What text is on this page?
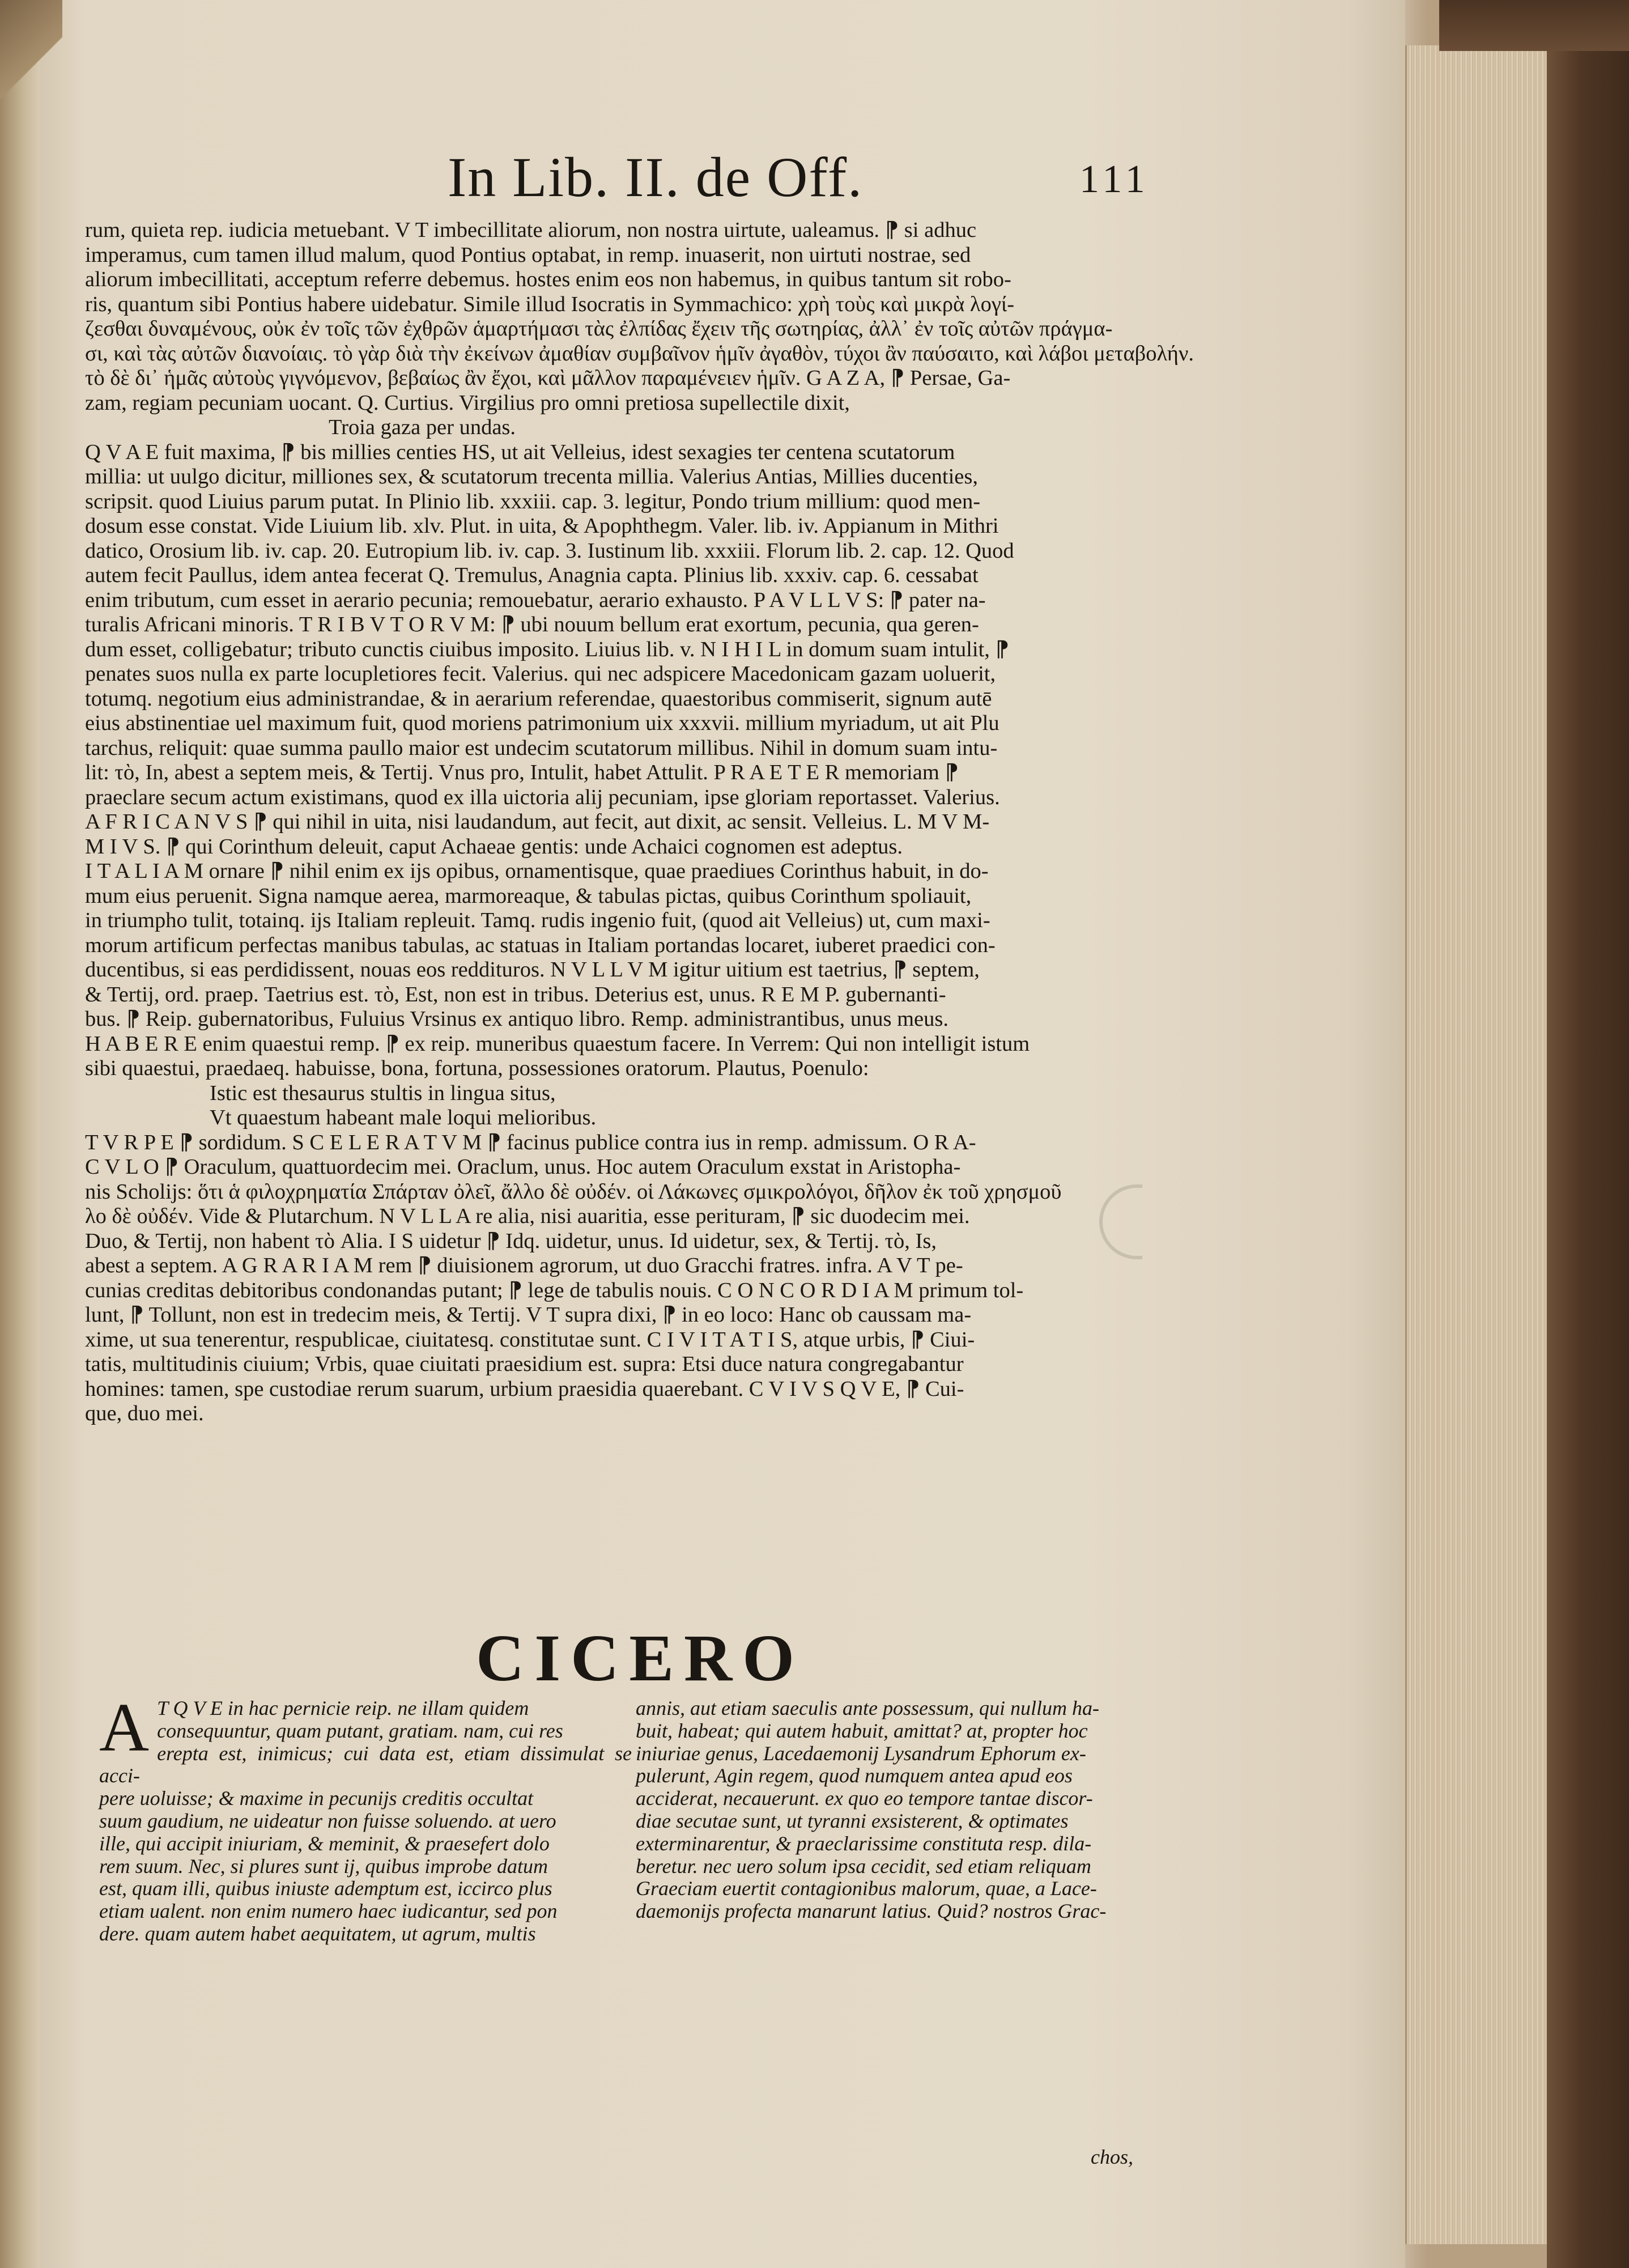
In Lib. II. de Off.	111
rum, quieta rep. iudicia metuebant. V T imbecillitate aliorum, non nostra uirtute, ualeamus. ⁋ si adhuc
imperamus, cum tamen illud malum, quod Pontius optabat, in remp. inuaserit, non uirtuti nostrae, sed
aliorum imbecillitati, acceptum referre debemus. hostes enim eos non habemus, in quibus tantum sit robo-
ris, quantum sibi Pontius habere uidebatur. Simile illud Isocratis in Symmachico: χρὴ τοὺς καὶ μικρὰ λογί-
ζεσθαι δυναμένους, οὐκ ἐν τοῖς τῶν ἐχθρῶν ἁμαρτήμασι τὰς ἐλπίδας ἔχειν τῆς σωτηρίας, ἀλλ᾽ ἐν τοῖς αὐτῶν πράγμα-
σι, καὶ τὰς αὐτῶν διανοίαις. τὸ γὰρ διὰ τὴν ἐκείνων ἀμαθίαν συμβαῖνον ἡμῖν ἀγαθὸν, τύχοι ἂν παύσαιτο, καὶ λάβοι μεταβολήν.
τὸ δὲ δι᾽ ἡμᾶς αὐτοὺς γιγνόμενον, βεβαίως ἂν ἔχοι, καὶ μᾶλλον παραμένειεν ἡμῖν. G A Z A, ⁋ Persae, Ga-
zam, regiam pecuniam uocant. Q. Curtius. Virgilius pro omni pretiosa supellectile dixit,
Troia gaza per undas.
Q V A E fuit maxima, ⁋ bis millies centies HS, ut ait Velleius, idest sexagies ter centena scutatorum
millia: ut uulgo dicitur, milliones sex, & scutatorum trecenta millia. Valerius Antias, Millies ducenties,
scripsit. quod Liuius parum putat. In Plinio lib. xxxiii. cap. 3. legitur, Pondo trium millium: quod men-
dosum esse constat. Vide Liuium lib. xlv. Plut. in uita, & Apophthegm. Valer. lib. iv. Appianum in Mithri
datico, Orosium lib. iv. cap. 20. Eutropium lib. iv. cap. 3. Iustinum lib. xxxiii. Florum lib. 2. cap. 12. Quod
autem fecit Paullus, idem antea fecerat Q. Tremulus, Anagnia capta. Plinius lib. xxxiv. cap. 6. cessabat
enim tributum, cum esset in aerario pecunia; remouebatur, aerario exhausto. P A V L L V S: ⁋ pater na-
turalis Africani minoris. T R I B V T O R V M: ⁋ ubi nouum bellum erat exortum, pecunia, qua geren-
dum esset, colligebatur; tributo cunctis ciuibus imposito. Liuius lib. v. N I H I L in domum suam intulit, ⁋
penates suos nulla ex parte locupletiores fecit. Valerius. qui nec adspicere Macedonicam gazam uoluerit,
totumq. negotium eius administrandae, & in aerarium referendae, quaestoribus commiserit, signum autē
eius abstinentiae uel maximum fuit, quod moriens patrimonium uix xxxvii. millium myriadum, ut ait Plu
tarchus, reliquit: quae summa paullo maior est undecim scutatorum millibus. Nihil in domum suam intu-
lit: τὸ, In, abest a septem meis, & Tertij. Vnus pro, Intulit, habet Attulit. P R A E T E R memoriam ⁋
praeclare secum actum existimans, quod ex illa uictoria alij pecuniam, ipse gloriam reportasset. Valerius.
A F R I C A N V S ⁋ qui nihil in uita, nisi laudandum, aut fecit, aut dixit, ac sensit. Velleius. L. M V M-
M I V S. ⁋ qui Corinthum deleuit, caput Achaeae gentis: unde Achaici cognomen est adeptus.
I T A L I A M ornare ⁋ nihil enim ex ijs opibus, ornamentisque, quae praediues Corinthus habuit, in do-
mum eius peruenit. Signa namque aerea, marmoreaque, & tabulas pictas, quibus Corinthum spoliauit,
in triumpho tulit, totainq. ijs Italiam repleuit. Tamq. rudis ingenio fuit, (quod ait Velleius) ut, cum maxi-
morum artificum perfectas manibus tabulas, ac statuas in Italiam portandas locaret, iuberet praedici con-
ducentibus, si eas perdidissent, nouas eos reddituros. N V L L V M igitur uitium est taetrius, ⁋ septem,
& Tertij, ord. praep. Taetrius est. τὸ, Est, non est in tribus. Deterius est, unus. R E M P. gubernanti-
bus. ⁋ Reip. gubernatoribus, Fuluius Vrsinus ex antiquo libro. Remp. administrantibus, unus meus.
H A B E R E enim quaestui remp. ⁋ ex reip. muneribus quaestum facere. In Verrem: Qui non intelligit istum
sibi quaestui, praedaeq. habuisse, bona, fortuna, possessiones oratorum. Plautus, Poenulo:
Istic est thesaurus stultis in lingua situs,
Vt quaestum habeant male loqui melioribus.
T V R P E ⁋ sordidum. S C E L E R A T V M ⁋ facinus publice contra ius in remp. admissum. O R A-
C V L O ⁋ Oraculum, quattuordecim mei. Oraclum, unus. Hoc autem Oraculum exstat in Aristopha-
nis Scholijs: ὅτι ἁ φιλοχρηματία Σπάρταν ὀλεῖ, ἄλλο δὲ οὐδέν. οἱ Λάκωνες σμικρολόγοι, δῆλον ἐκ τοῦ χρησμοῦ
λο δὲ οὐδέν. Vide & Plutarchum. N V L L A re alia, nisi auaritia, esse perituram, ⁋ sic duodecim mei.
Duo, & Tertij, non habent τὸ Alia. I S uidetur ⁋ Idq. uidetur, unus. Id uidetur, sex, & Tertij. τὸ, Is,
abest a septem. A G R A R I A M rem ⁋ diuisionem agrorum, ut duo Gracchi fratres. infra. A V T pe-
cunias creditas debitoribus condonandas putant; ⁋ lege de tabulis nouis. C O N C O R D I A M primum tol-
lunt, ⁋ Tollunt, non est in tredecim meis, & Tertij. V T supra dixi, ⁋ in eo loco: Hanc ob caussam ma-
xime, ut sua tenerentur, respublicae, ciuitatesq. constitutae sunt. C I V I T A T I S, atque urbis, ⁋ Ciui-
tatis, multitudinis ciuium; Vrbis, quae ciuitati praesidium est. supra: Etsi duce natura congregabantur
homines: tamen, spe custodiae rerum suarum, urbium praesidia quaerebant. C V I V S Q V E, ⁋ Cui-
que, duo mei.
CICERO
A T Q V E in hac pernicie reip. ne illam quidem
consequuntur, quam putant, gratiam. nam, cui res
erepta est, inimicus; cui data est, etiam dissimulat se acci-
pere uoluisse; & maxime in pecunijs creditis occultat
suum gaudium, ne uideatur non fuisse soluendo. at uero
ille, qui accipit iniuriam, & meminit, & praesefert dolo
rem suum. Nec, si plures sunt ij, quibus improbe datum
est, quam illi, quibus iniuste ademptum est, iccirco plus
etiam ualent. non enim numero haec iudicantur, sed pon
dere. quam autem habet aequitatem, ut agrum, multis
annis, aut etiam saeculis ante possessum, qui nullum ha-
buit, habeat; qui autem habuit, amittat? at, propter hoc
iniuriae genus, Lacedaemonij Lysandrum Ephorum ex-
pulerunt, Agin regem, quod numquem antea apud eos
acciderat, necauerunt. ex quo eo tempore tantae discor-
diae secutae sunt, ut tyranni exsisterent, & optimates
exterminarentur, & praeclarissime constituta resp. dila-
beretur. nec uero solum ipsa cecidit, sed etiam reliquam
Graeciam euertit contagionibus malorum, quae, a Lace-
daemonijs profecta manarunt latius. Quid? nostros Grac-
chos,
